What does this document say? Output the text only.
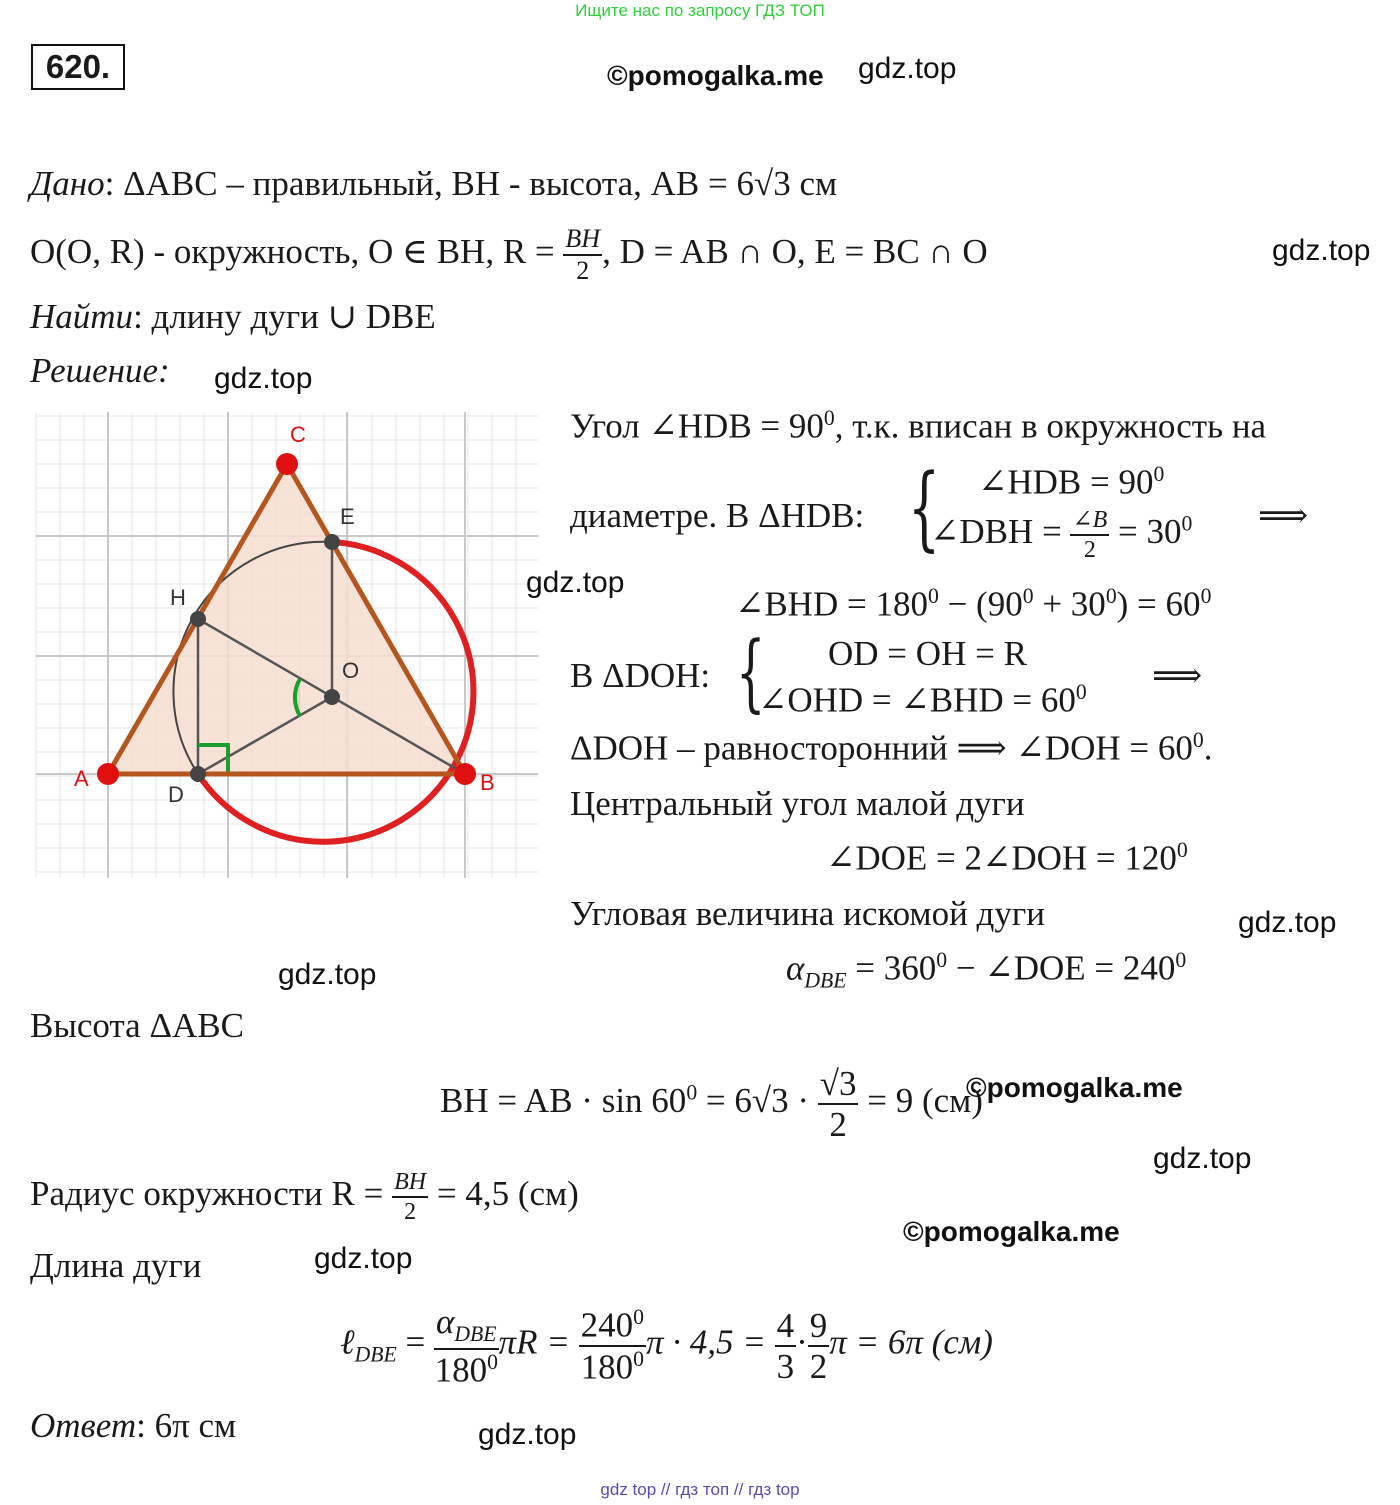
Ищите нас по запросу ГДЗ ТОП
620.	©pomogalka.me gdz.top
Дано: ΔABC – правильный, BH - высота, AB = 6√3 см
O(O, R) - окружность, O ∈ BH, $R = \frac{BH}{2}$ , D = AB ∩ O, E = BC ∩ O	gdz.top
Найти: длину дуги ∪ DBE
Решение: gdz.top
C
A	B
E
H
O
D
gdz.top
Угол ∠HDB = $90^0$, т.к. вписан в окружность на
диаметре. В ΔHDB: { ∠HDB = $90^0$
∠DBH = $\frac{\angle B}{2} = 30^0$ ⟹
∠BHD = $180^0 - (90^0 + 30^0) = 60^0$
В ΔDOH: { OD = OH = R
∠OHD = ∠BHD = $60^0$ ⟹
ΔDOH – равносторонний ⟹ ∠DOH = $60^0$.
Центральный угол малой дуги
∠DOE = 2∠DOH = $120^0$
Угловая величина искомой дуги	gdz.top
$\alpha_{DBE} = 360^0$ − ∠DOE = $240^0$
gdz.top
Высота ΔABC
BH = AB · $\sin 60^0 = 6√3 \cdot \frac{√3}{2} = 9$ (см)
©pomogalka.me
gdz.top
Радиус окружности $R = \frac{BH}{2} = 4,5$ (см)
©pomogalka.me
Длина дуги	gdz.top
ℓ$_{DBE}$ = $\frac{\alpha_{DBE}}{180^0}$ $\pi R = \frac{240^0}{180^0}$ $\pi \cdot 4,5 = \frac{4}{3} \cdot \frac{9}{2}$ π = 6π (см)
Ответ: 6π см	gdz.top
gdz top // гдз топ // гдз top
